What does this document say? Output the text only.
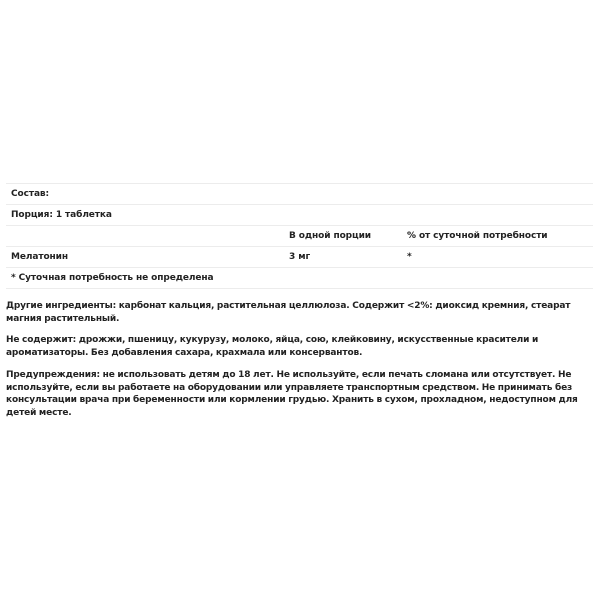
Состав:		
Порция: 1 таблетка		
	В одной порции	% от суточной потребности
Мелатонин	3 мг	*
* Суточная потребность не определена		

Другие ингредиенты: карбонат кальция, растительная целлюлоза. Содержит <2%: диоксид кремния, стеарат магния растительный.

Не содержит: дрожжи, пшеницу, кукурузу, молоко, яйца, сою, клейковину, искусственные красители и ароматизаторы. Без добавления сахара, крахмала или консервантов.

Предупреждения: не использовать детям до 18 лет. Не используйте, если печать сломана или отсутствует. Не используйте, если вы работаете на оборудовании или управляете транспортным средством. Не принимать без консультации врача при беременности или кормлении грудью. Хранить в сухом, прохладном, недоступном для детей месте.
